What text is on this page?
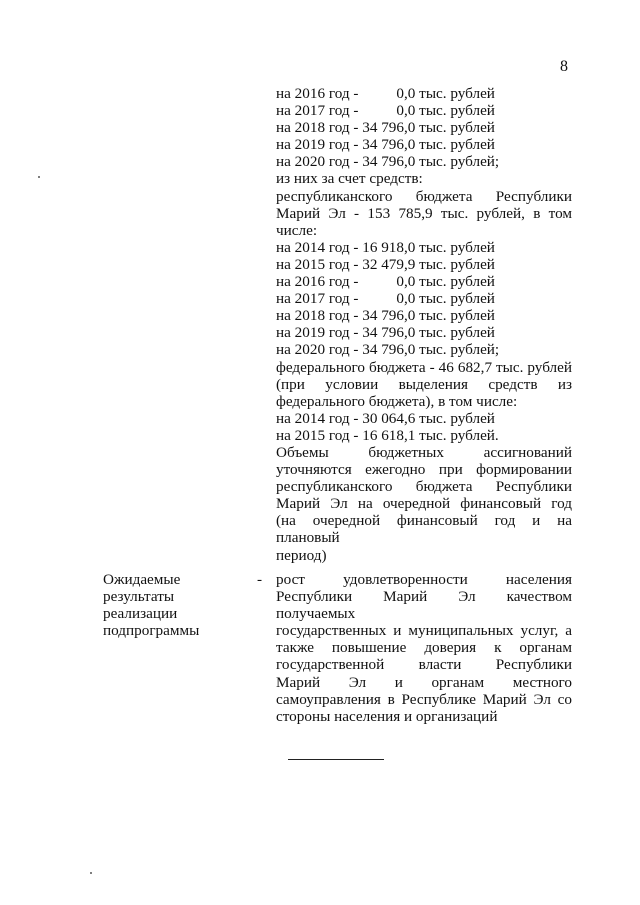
8
на 2016 год -          0,0 тыс. рублей
на 2017 год -          0,0 тыс. рублей
на 2018 год - 34 796,0 тыс. рублей
на 2019 год - 34 796,0 тыс. рублей
на 2020 год - 34 796,0 тыс. рублей;
из них за счет средств:
республиканского бюджета Республики
Марий Эл - 153 785,9 тыс. рублей, в том
числе:
на 2014 год - 16 918,0 тыс. рублей
на 2015 год - 32 479,9 тыс. рублей
на 2016 год -          0,0 тыс. рублей
на 2017 год -          0,0 тыс. рублей
на 2018 год - 34 796,0 тыс. рублей
на 2019 год - 34 796,0 тыс. рублей
на 2020 год - 34 796,0 тыс. рублей;
федерального бюджета - 46 682,7 тыс. рублей
(при условии выделения средств из
федерального бюджета), в том числе:
на 2014 год - 30 064,6 тыс. рублей
на 2015 год - 16 618,1 тыс. рублей.
Объемы бюджетных ассигнований
уточняются ежегодно при формировании
республиканского бюджета Республики
Марий Эл на очередной финансовый год
(на очередной финансовый год и на плановый
период)
Ожидаемые
результаты
реализации
подпрограммы
- рост удовлетворенности населения
Республики Марий Эл качеством получаемых
государственных и муниципальных услуг, а
также повышение доверия к органам
государственной власти Республики
Марий Эл и органам местного
самоуправления в Республике Марий Эл со
стороны населения и организаций
